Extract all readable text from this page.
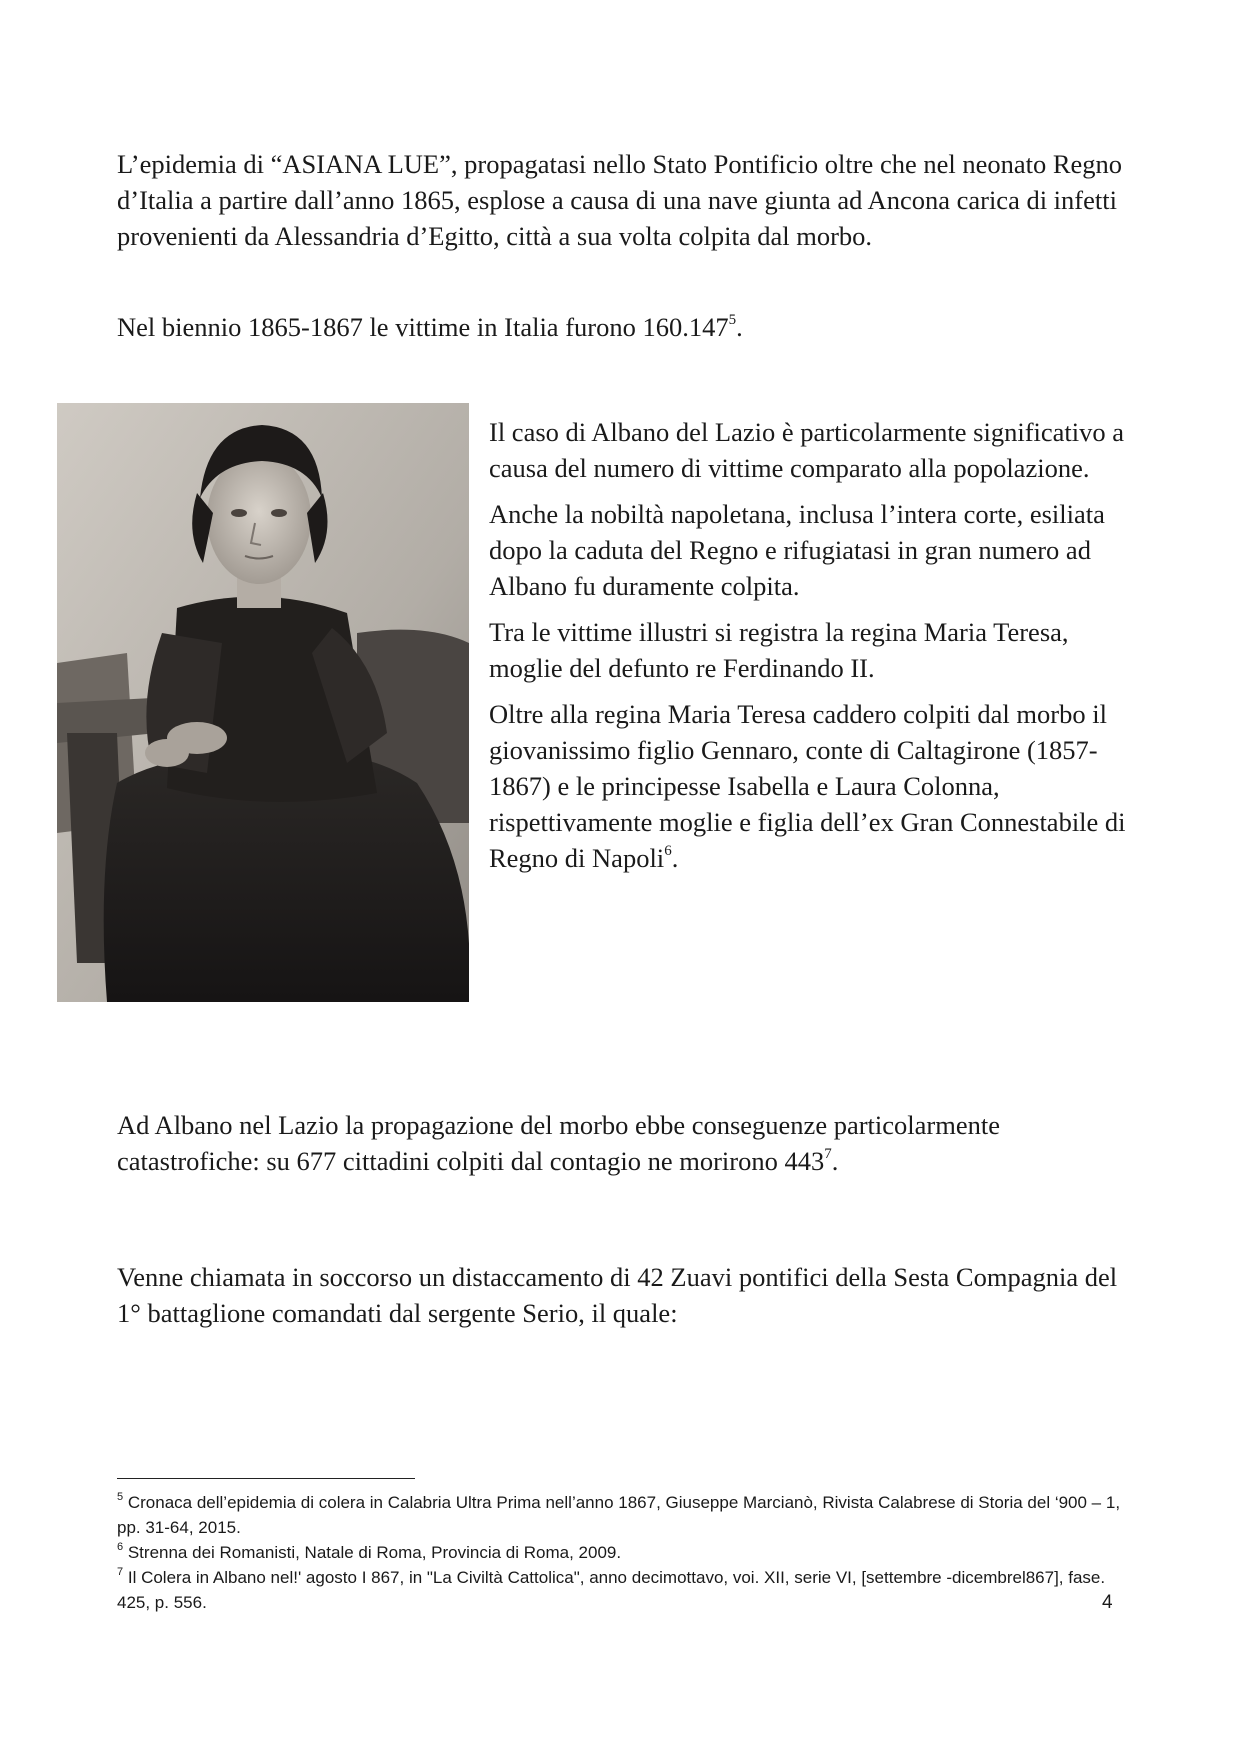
L’epidemia di “ASIANA LUE”, propagatasi nello Stato Pontificio oltre che nel neonato Regno d’Italia a partire dall’anno 1865, esplose a causa di una nave giunta ad Ancona carica di infetti provenienti da Alessandria d’Egitto, città a sua volta colpita dal morbo.

Nel biennio 1865-1867 le vittime in Italia furono 160.147$^5$.

Il caso di Albano del Lazio è particolarmente significativo a causa del numero di vittime comparato alla popolazione.

Anche la nobiltà napoletana, inclusa l’intera corte, esiliata dopo la caduta del Regno e rifugiatasi in gran numero ad Albano fu duramente colpita.

Tra le vittime illustri si registra la regina Maria Teresa, moglie del defunto re Ferdinando II.

Oltre alla regina Maria Teresa caddero colpiti dal morbo il giovanissimo figlio Gennaro, conte di Caltagirone (1857-1867) e le principesse Isabella e Laura Colonna, rispettivamente moglie e figlia dell’ex Gran Connestabile di Regno di Napoli$^6$.

Ad Albano nel Lazio la propagazione del morbo ebbe conseguenze particolarmente catastrofiche: su 677 cittadini colpiti dal contagio ne morirono $443^7$.

Venne chiamata in soccorso un distaccamento di 42 Zuavi pontifici della Sesta Compagnia del 1° battaglione comandati dal sergente Serio, il quale:

$^5$ Cronaca dell’epidemia di colera in Calabria Ultra Prima nell’anno 1867, Giuseppe Marcianò, Rivista Calabrese di Storia del ‘900 – 1, pp. 31-64, 2015.

$^6$ Strenna dei Romanisti, Natale di Roma, Provincia di Roma, 2009.

$^7$ Il Colera in Albano nel!' agosto I 867, in "La Civiltà Cattolica", anno decimottavo, voi. XII, serie VI, [settembre -dicembrel867], fase. 425, p. 556.	4
